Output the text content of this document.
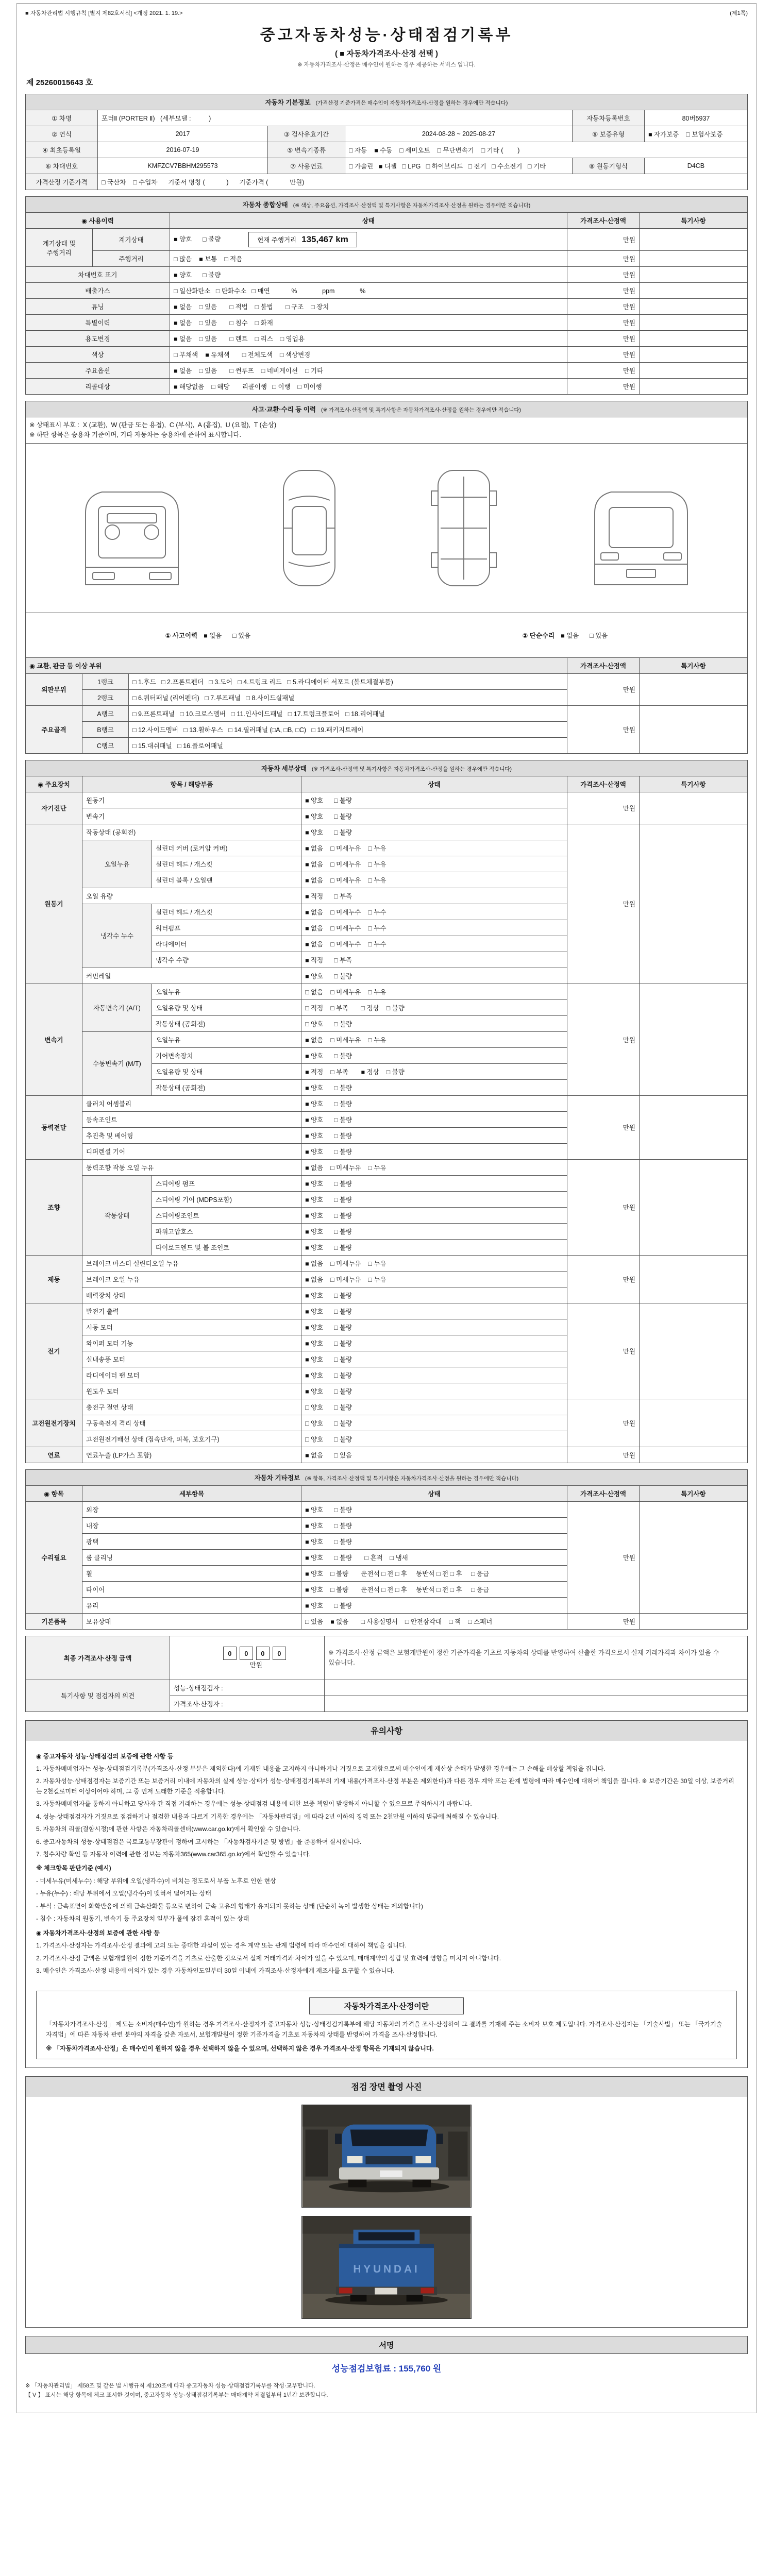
■ 자동차관리법 시행규칙 [별지 제82호서식] <개정 2021. 1. 19.>	(제1쪽)
중고자동차성능·상태점검기록부
( ■ 자동차가격조사·산정 선택 )
※ 자동차가격조사·산정은 매수인이 원하는 경우 제공하는 서비스 입니다.
제 25260015643 호
자동차 기본정보 (가격산정 기준가격은 매수인이 자동차가격조사·산정을 원하는 경우에만 적습니다)					
① 차명	포터Ⅱ (PORTER Ⅱ)   (세부모델 :          )			자동차등록번호	80버5937
② 연식	2017	③ 검사유효기간	2024-08-28 ~ 2025-08-27	⑨ 보증유형	■ 자가보증    □ 보험사보증
④ 최초등록일	2016-07-19	⑤ 변속기종류	□ 자동    ■ 수동    □ 세미오토    □ 무단변속기    □ 기타 (        )		
⑥ 차대번호	KMFZCV7BBHM295573	⑦ 사용연료	□ 가솔린   ■ 디젤   □ LPG   □ 하이브리드   □ 전기   □ 수소전기   □ 기타	⑧ 원동기형식	D4CB
가격산정 기준가격	□ 국산차    □ 수입차      기준서 명칭 (            )      기준가격 (            만원)				
자동차 종합상태 (※ 색상, 주요옵션, 가격조사·산정액 및 특기사항은 자동차가격조사·산정을 원하는 경우에만 적습니다)				
◉ 사용이력		상태	가격조사·산정액	특기사항
계기상태 및 주행거리	계기상태	■ 양호      □ 불량 현재 주행거리 135,467 km	만원	
	주행거리	□ 많음    ■ 보통    □ 적음	만원	
차대번호 표기		■ 양호      □ 불량	만원	
배출가스		□ 일산화탄소   □ 탄화수소   □ 매연            %              ppm              %	만원	
튜닝		■ 없음    □ 있음       □ 적법    □ 불법       □ 구조    □ 장치	만원	
특별이력		■ 없음    □ 있음       □ 침수    □ 화재	만원	
용도변경		■ 없음    □ 있음       □ 렌트    □ 리스    □ 영업용	만원	
색상		□ 무채색    ■ 유채색       □ 전체도색    □ 색상변경	만원	
주요옵션		■ 없음    □ 있음       □ 썬루프    □ 네비게이션    □ 기타	만원	
리콜대상		■ 해당없음    □ 해당       리콜이행   □ 이행    □ 미이행	만원	
사고·교환·수리 등 이력 (※ 가격조사·산정액 및 특기사항은 자동차가격조사·산정을 원하는 경우에만 적습니다)				

※ 상태표시 부호 :  X (교환),  W (판금 또는 용접),  C (부식),  A (흠집),  U (요철),  T (손상)
※ 하단 항목은 승용차 기준이며, 기타 자동차는 승용차에 준하여 표시합니다.				

① 사고이력 ■ 없음      □ 있음 ② 단순수리 ■ 없음      □ 있음				

◉ 교환, 판금 등 이상 부위			가격조사·산정액	특기사항
외판부위	1랭크	□ 1.후드   □ 2.프론트펜더   □ 3.도어   □ 4.트렁크 리드   □ 5.라디에이터 서포트 (볼트체결부품)	만원	
	2랭크	□ 6.쿼터패널 (리어펜더)   □ 7.루프패널   □ 8.사이드실패널		
주요골격	A랭크	□ 9.프론트패널   □ 10.크로스멤버   □ 11.인사이드패널   □ 17.트렁크플로어   □ 18.리어패널	만원	
	B랭크	□ 12.사이드멤버   □ 13.휠하우스   □ 14.필러패널 (□A, □B, □C)   □ 19.패키지트레이		
	C랭크	□ 15.대쉬패널   □ 16.플로어패널		
자동차 세부상태 (※ 가격조사·산정액 및 특기사항은 자동차가격조사·산정을 원하는 경우에만 적습니다)					
◉ 주요장치	항목 / 해당부품		상태	가격조사·산정액	특기사항
자기진단	원동기		■ 양호      □ 불량	만원	
	변속기		■ 양호      □ 불량		
원동기	작동상태 (공회전)		■ 양호      □ 불량	만원	
	오일누유	실린더 커버 (로커암 커버)	■ 없음    □ 미세누유    □ 누유		
		실린더 헤드 / 개스킷	■ 없음    □ 미세누유    □ 누유		
		실린더 블록 / 오일팬	■ 없음    □ 미세누유    □ 누유		
	오일 유량		■ 적정      □ 부족		
	냉각수 누수	실린더 헤드 / 개스킷	■ 없음    □ 미세누수    □ 누수		
		워터펌프	■ 없음    □ 미세누수    □ 누수		
		라디에이터	■ 없음    □ 미세누수    □ 누수		
		냉각수 수량	■ 적정      □ 부족		
	커먼레일		■ 양호      □ 불량		
변속기	자동변속기 (A/T)	오일누유	□ 없음    □ 미세누유    □ 누유	만원	
		오일유량 및 상태	□ 적정    □ 부족       □ 정상    □ 불량		
		작동상태 (공회전)	□ 양호      □ 불량		
	수동변속기 (M/T)	오일누유	■ 없음    □ 미세누유    □ 누유		
		기어변속장치	■ 양호      □ 불량		
		오일유량 및 상태	■ 적정    □ 부족       ■ 정상    □ 불량		
		작동상태 (공회전)	■ 양호      □ 불량		
동력전달	클러치 어셈블리		■ 양호      □ 불량	만원	
	등속조인트		■ 양호      □ 불량		
	추진축 및 베어링		■ 양호      □ 불량		
	디퍼렌셜 기어		■ 양호      □ 불량		
조향	동력조향 작동 오일 누유		■ 없음    □ 미세누유    □ 누유	만원	
	작동상태	스티어링 펌프	■ 양호      □ 불량		
		스티어링 기어 (MDPS포함)	■ 양호      □ 불량		
		스티어링조인트	■ 양호      □ 불량		
		파워고압호스	■ 양호      □ 불량		
		타이로드엔드 및 볼 조인트	■ 양호      □ 불량		
제동	브레이크 마스터 실린더오일 누유		■ 없음    □ 미세누유    □ 누유	만원	
	브레이크 오일 누유		■ 없음    □ 미세누유    □ 누유		
	배력장치 상태		■ 양호      □ 불량		
전기	발전기 출력		■ 양호      □ 불량	만원	
	시동 모터		■ 양호      □ 불량		
	와이퍼 모터 기능		■ 양호      □ 불량		
	실내송풍 모터		■ 양호      □ 불량		
	라디에이터 팬 모터		■ 양호      □ 불량		
	윈도우 모터		■ 양호      □ 불량		
고전원전기장치	충전구 절연 상태		□ 양호      □ 불량	만원	
	구동축전지 격리 상태		□ 양호      □ 불량		
	고전원전기배선 상태 (접속단자, 피복, 보호기구)		□ 양호      □ 불량		
연료	연료누출 (LP가스 포함)		■ 없음      □ 있음	만원	
자동차 기타정보 (※ 항목, 가격조사·산정액 및 특기사항은 자동차가격조사·산정을 원하는 경우에만 적습니다)				
◉ 항목	세부항목	상태	가격조사·산정액	특기사항
수리필요	외장	■ 양호      □ 불량	만원	
	내장	■ 양호      □ 불량		
	광택	■ 양호      □ 불량		
	룸 클리닝	■ 양호      □ 불량       □ 흔적    □ 냄새		
	휠	■ 양호    □ 불량       운전석 □ 전 □ 후     동반석 □ 전 □ 후     □ 응급		
	타이어	■ 양호    □ 불량       운전석 □ 전 □ 후     동반석 □ 전 □ 후     □ 응급		
	유리	■ 양호      □ 불량		
기본품목	보유상태	□ 있음    ■ 없음       □ 사용설명서    □ 안전삼각대    □ 잭    □ 스패너	만원	
최종 가격조사·산정 금액	0 0 0 0
만원	※ 가격조사·산정 금액은 보험개발원이 정한 기준가격을 기초로 자동차의 상태를 반영하여 산출한 가격으로서 실제 거래가격과 차이가 있을 수 있습니다.
특기사항 및 점검자의 의견	성능·상태점검자 :	
	가격조사·산정자 :	
유의사항
◉ 중고자동차 성능·상태점검의 보증에 관한 사항 등
1. 자동차매매업자는 성능·상태점검기록부(가격조사·산정 부분은 제외한다)에 기재된 내용을 고지하지 아니하거나 거짓으로 고지함으로써 매수인에게 재산상 손해가 발생한 경우에는 그 손해를 배상할 책임을 집니다.
2. 자동차성능·상태점검자는 보증기간 또는 보증거리 이내에 자동차의 실제 성능·상태가 성능·상태점검기록부의 기재 내용(가격조사·산정 부분은 제외한다)과 다른 경우 계약 또는 관계 법령에 따라 매수인에 대하여 책임을 집니다. ※ 보증기간은 30일 이상, 보증거리는 2천킬로미터 이상이어야 하며, 그 중 먼저 도래한 기준을 적용합니다.
3. 자동차매매업자를 통하지 아니하고 당사자 간 직접 거래하는 경우에는 성능·상태점검 내용에 대한 보증 책임이 발생하지 아니할 수 있으므로 주의하시기 바랍니다.
4. 성능·상태점검자가 거짓으로 점검하거나 점검한 내용과 다르게 기록한 경우에는 「자동차관리법」에 따라 2년 이하의 징역 또는 2천만원 이하의 벌금에 처해질 수 있습니다.
5. 자동차의 리콜(결함시정)에 관한 사항은 자동차리콜센터(www.car.go.kr)에서 확인할 수 있습니다.
6. 중고자동차의 성능·상태점검은 국토교통부장관이 정하여 고시하는 「자동차검사기준 및 방법」을 준용하여 실시합니다.
7. 침수차량 확인 등 자동차 이력에 관한 정보는 자동차365(www.car365.go.kr)에서 확인할 수 있습니다.
※ 체크항목 판단기준 (예시)
- 미세누유(미세누수) : 해당 부위에 오일(냉각수)이 비치는 정도로서 부품 노후로 인한 현상
- 누유(누수) : 해당 부위에서 오일(냉각수)이 맺혀서 떨어지는 상태
- 부식 : 금속표면이 화학반응에 의해 금속산화물 등으로 변하여 금속 고유의 형태가 유지되지 못하는 상태 (단순히 녹이 발생한 상태는 제외합니다)
- 침수 : 자동차의 원동기, 변속기 등 주요장치 일부가 물에 잠긴 흔적이 있는 상태
◉ 자동차가격조사·산정의 보증에 관한 사항 등
1. 가격조사·산정자는 가격조사·산정 결과에 고의 또는 중대한 과실이 있는 경우 계약 또는 관계 법령에 따라 매수인에 대하여 책임을 집니다.
2. 가격조사·산정 금액은 보험개발원이 정한 기준가격을 기초로 산출한 것으로서 실제 거래가격과 차이가 있을 수 있으며, 매매계약의 성립 및 효력에 영향을 미치지 아니합니다.
3. 매수인은 가격조사·산정 내용에 이의가 있는 경우 자동차인도일부터 30일 이내에 가격조사·산정자에게 재조사를 요구할 수 있습니다.
자동차가격조사·산정이란
「자동차가격조사·산정」 제도는 소비자(매수인)가 원하는 경우 가격조사·산정자가 중고자동차 성능·상태점검기록부에 해당 자동차의 가격을 조사·산정하여 그 결과를 기재해 주는 소비자 보호 제도입니다. 가격조사·산정자는 「기술사법」 또는 「국가기술자격법」에 따른 자동차 관련 분야의 자격을 갖춘 자로서, 보험개발원이 정한 기준가격을 기초로 자동차의 상태를 반영하여 가격을 조사·산정합니다.
※ 「자동차가격조사·산정」은 매수인이 원하지 않을 경우 선택하지 않을 수 있으며, 선택하지 않은 경우 가격조사·산정 항목은 기재되지 않습니다.
점검 장면 촬영 사진
HYUNDAI
서명
성능점검보험료 : 155,760 원
※ 「자동차관리법」 제58조 및 같은 법 시행규칙 제120조에 따라 중고자동차 성능·상태점검기록부를 작성·교부합니다.
【 V 】 표시는 해당 항목에 체크 표시한 것이며, 중고자동차 성능·상태점검기록부는 매매계약 체결일부터 1년간 보관합니다.
